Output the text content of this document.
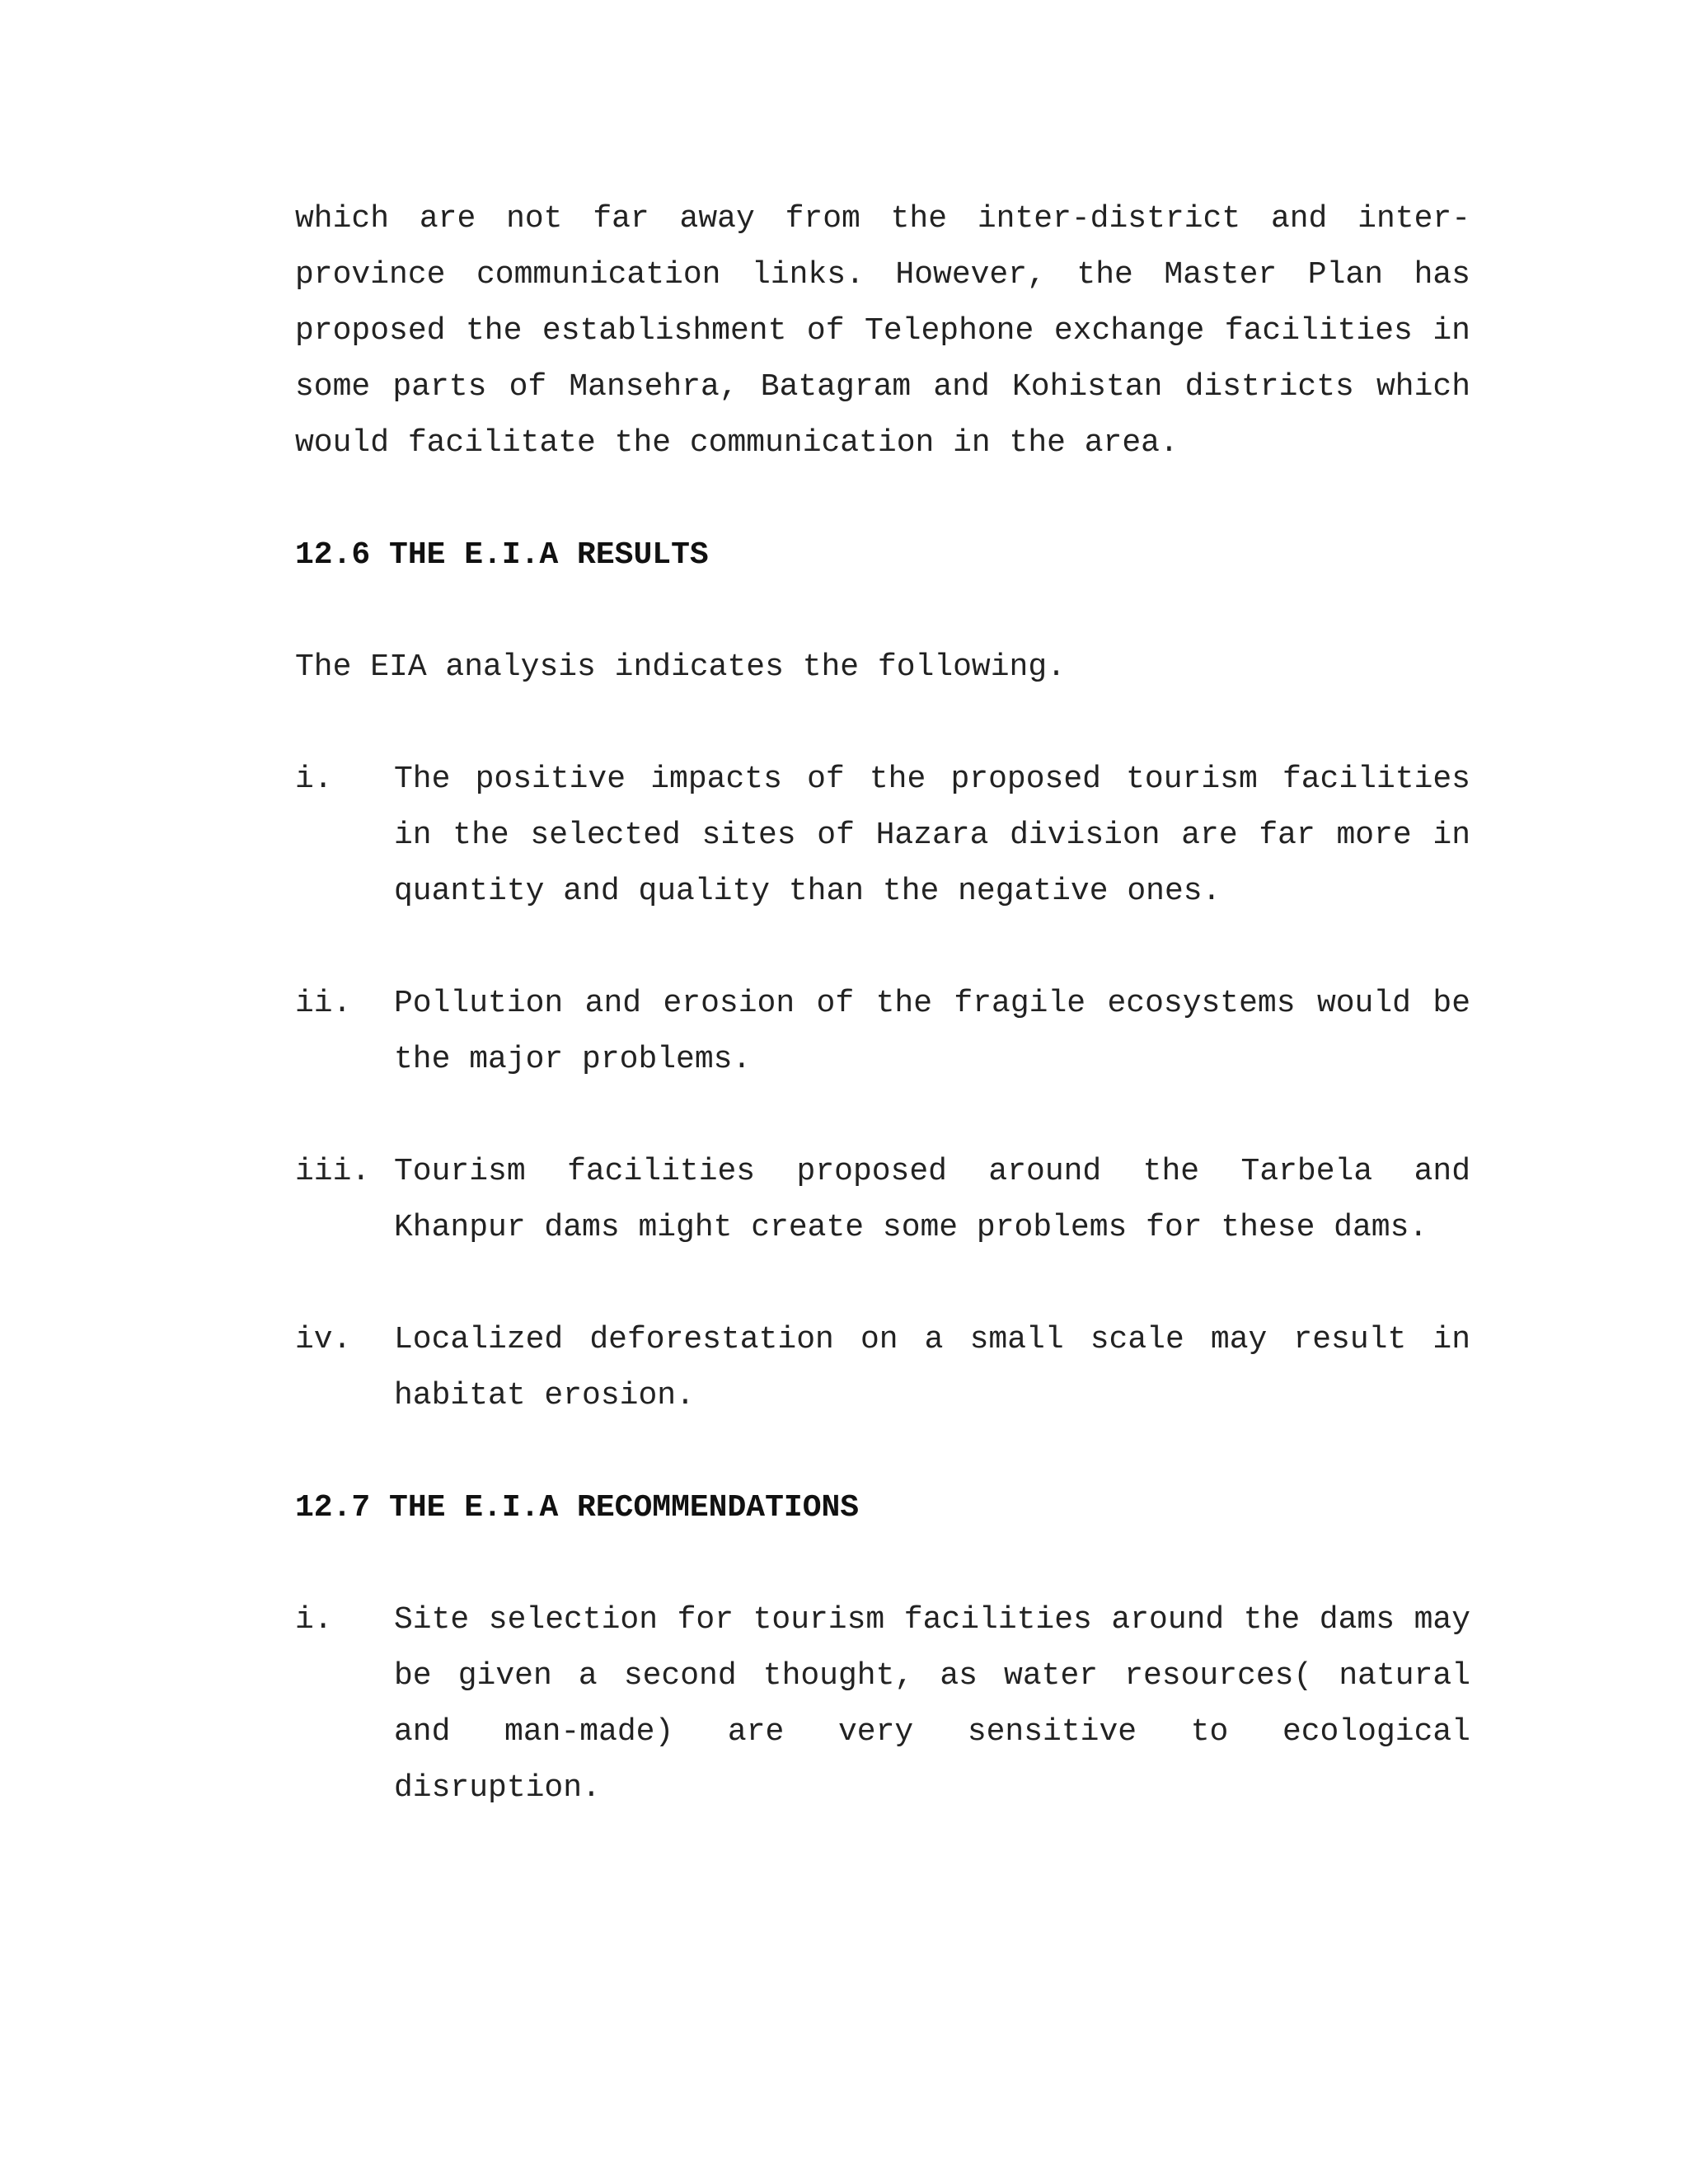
which are not far away from the inter-district and inter-province communication links. However, the Master Plan has proposed the establishment of Telephone exchange facilities in some parts of Mansehra, Batagram and Kohistan districts which would facilitate the communication in the area.

12.6 THE E.I.A RESULTS

The EIA analysis indicates the following.

i.	The positive impacts of the proposed tourism facilities in the selected sites of Hazara division are far more in quantity and quality than the negative ones.
ii.	Pollution and erosion of the fragile ecosystems would be the major problems.
iii. Tourism facilities proposed around the Tarbela and Khanpur dams might create some problems for these dams.
iv.	Localized deforestation on a small scale may result in habitat erosion.

12.7 THE E.I.A RECOMMENDATIONS

i.	Site selection for tourism facilities around the dams may be given a second thought, as water resources( natural and man-made) are very sensitive to ecological disruption.
